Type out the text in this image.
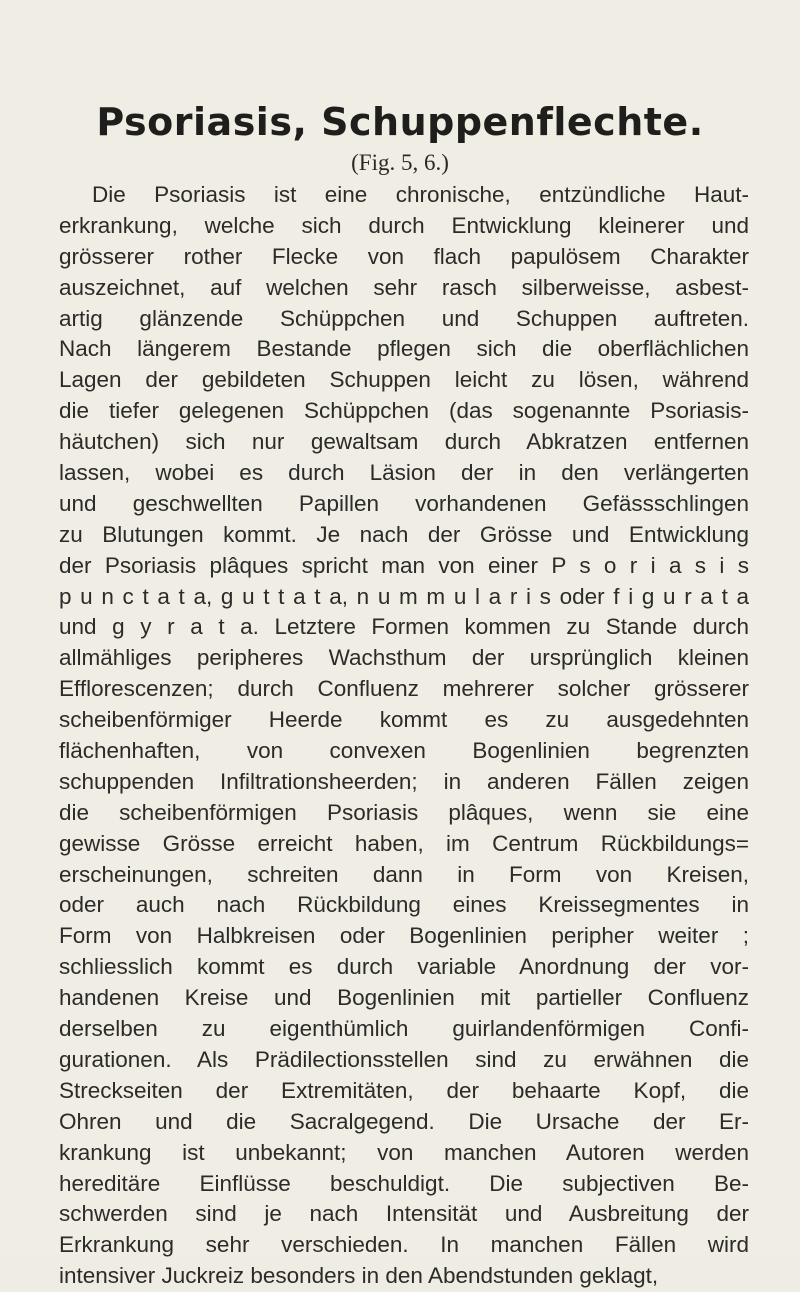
Psoriasis, Schuppenflechte.

(Fig. 5, 6.)

Die Psoriasis ist eine chronische, entzündliche Haut-
erkrankung, welche sich durch Entwicklung kleinerer und
grösserer rother Flecke von flach papulösem Charakter
auszeichnet, auf welchen sehr rasch silberweisse, asbest-
artig glänzende Schüppchen und Schuppen auftreten.
Nach längerem Bestande pflegen sich die oberflächlichen
Lagen der gebildeten Schuppen leicht zu lösen, während
die tiefer gelegenen Schüppchen (das sogenannte Psoriasis-
häutchen) sich nur gewaltsam durch Abkratzen entfernen
lassen, wobei es durch Läsion der in den verlängerten
und geschwellten Papillen vorhandenen Gefässschlingen
zu Blutungen kommt. Je nach der Grösse und Entwicklung
der Psoriasis plâques spricht man von einer P s o r i a s i s
p u n c t a t a, g u t t a t a, n u m m u l a r i s oder f i g u r a t a
und g y r a t a. Letztere Formen kommen zu Stande durch
allmähliges peripheres Wachsthum der ursprünglich kleinen
Efflorescenzen; durch Confluenz mehrerer solcher grösserer
scheibenförmiger Heerde kommt es zu ausgedehnten
flächenhaften, von convexen Bogenlinien begrenzten
schuppenden Infiltrationsheerden; in anderen Fällen zeigen
die scheibenförmigen Psoriasis plâques, wenn sie eine
gewisse Grösse erreicht haben, im Centrum Rückbildungs=
erscheinungen, schreiten dann in Form von Kreisen,
oder auch nach Rückbildung eines Kreissegmentes in
Form von Halbkreisen oder Bogenlinien peripher weiter ;
schliesslich kommt es durch variable Anordnung der vor-
handenen Kreise und Bogenlinien mit partieller Confluenz
derselben zu eigenthümlich guirlandenförmigen Confi-
gurationen. Als Prädilectionsstellen sind zu erwähnen die
Streckseiten der Extremitäten, der behaarte Kopf, die
Ohren und die Sacralgegend. Die Ursache der Er-
krankung ist unbekannt; von manchen Autoren werden
hereditäre Einflüsse beschuldigt. Die subjectiven Be-
schwerden sind je nach Intensität und Ausbreitung der
Erkrankung sehr verschieden. In manchen Fällen wird
intensiver Juckreiz besonders in den Abendstunden geklagt,
